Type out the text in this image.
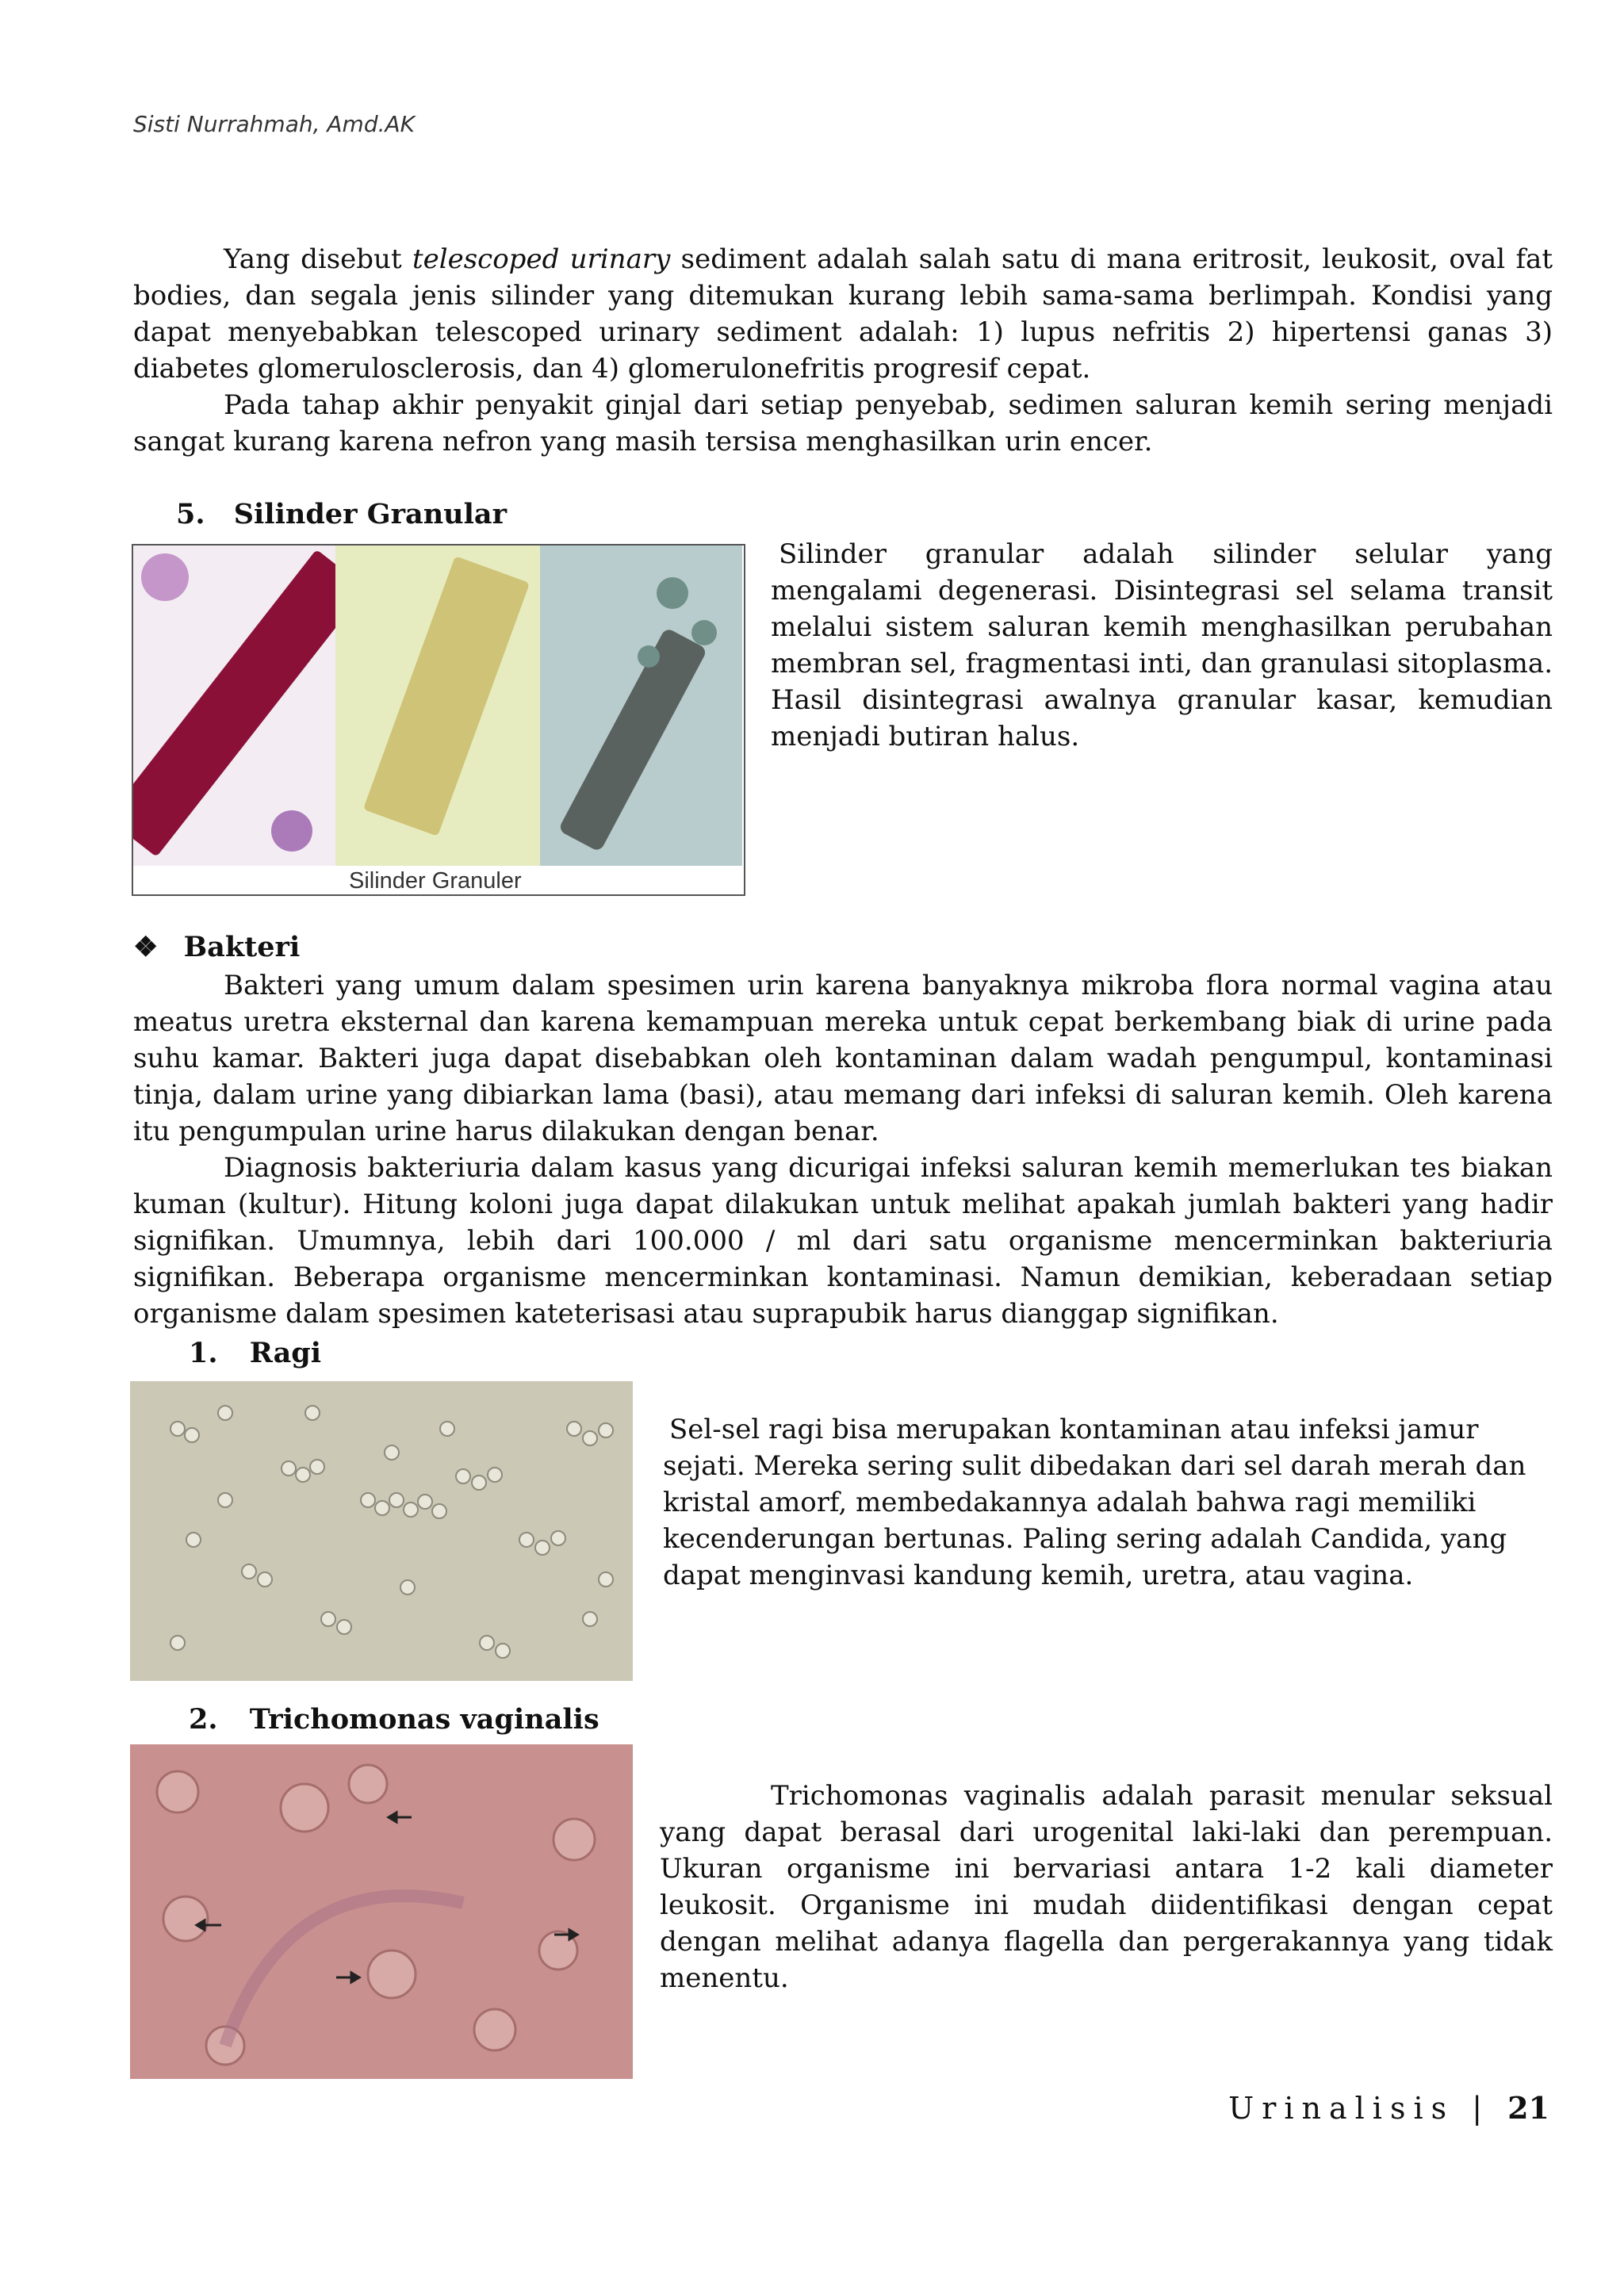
Sisti Nurrahmah, Amd.AK
Yang disebut telescoped urinary sediment adalah salah satu di mana eritrosit, leukosit, oval fat bodies, dan segala jenis silinder yang ditemukan kurang lebih sama-sama berlimpah. Kondisi yang dapat menyebabkan telescoped urinary sediment adalah: 1) lupus nefritis 2) hipertensi ganas 3) diabetes glomerulosclerosis, dan 4) glomerulonefritis progresif cepat.
Pada tahap akhir penyakit ginjal dari setiap penyebab, sedimen saluran kemih sering menjadi sangat kurang karena nefron yang masih tersisa menghasilkan urin encer.
5. Silinder Granular
Silinder Granuler
Silinder granular adalah silinder selular yang mengalami degenerasi. Disintegrasi sel selama transit melalui sistem saluran kemih menghasilkan perubahan membran sel, fragmentasi inti, dan granulasi sitoplasma. Hasil disintegrasi awalnya granular kasar, kemudian menjadi butiran halus.
❖ Bakteri
Bakteri yang umum dalam spesimen urin karena banyaknya mikroba flora normal vagina atau meatus uretra eksternal dan karena kemampuan mereka untuk cepat berkembang biak di urine pada suhu kamar. Bakteri juga dapat disebabkan oleh kontaminan dalam wadah pengumpul, kontaminasi tinja, dalam urine yang dibiarkan lama (basi), atau memang dari infeksi di saluran kemih. Oleh karena itu pengumpulan urine harus dilakukan dengan benar.
Diagnosis bakteriuria dalam kasus yang dicurigai infeksi saluran kemih memerlukan tes biakan kuman (kultur). Hitung koloni juga dapat dilakukan untuk melihat apakah jumlah bakteri yang hadir signifikan. Umumnya, lebih dari 100.000 / ml dari satu organisme mencerminkan bakteriuria signifikan. Beberapa organisme mencerminkan kontaminasi. Namun demikian, keberadaan setiap organisme dalam spesimen kateterisasi atau suprapubik harus dianggap signifikan.
1. Ragi
Sel-sel ragi bisa merupakan kontaminan atau infeksi jamur sejati. Mereka sering sulit dibedakan dari sel darah merah dan kristal amorf, membedakannya adalah bahwa ragi memiliki kecenderungan bertunas. Paling sering adalah Candida, yang dapat menginvasi kandung kemih, uretra, atau vagina.
2. Trichomonas vaginalis
Trichomonas vaginalis adalah parasit menular seksual yang dapat berasal dari urogenital laki-laki dan perempuan. Ukuran organisme ini bervariasi antara 1-2 kali diameter leukosit. Organisme ini mudah diidentifikasi dengan cepat dengan melihat adanya flagella dan pergerakannya yang tidak menentu.
Urinalisis | 21
